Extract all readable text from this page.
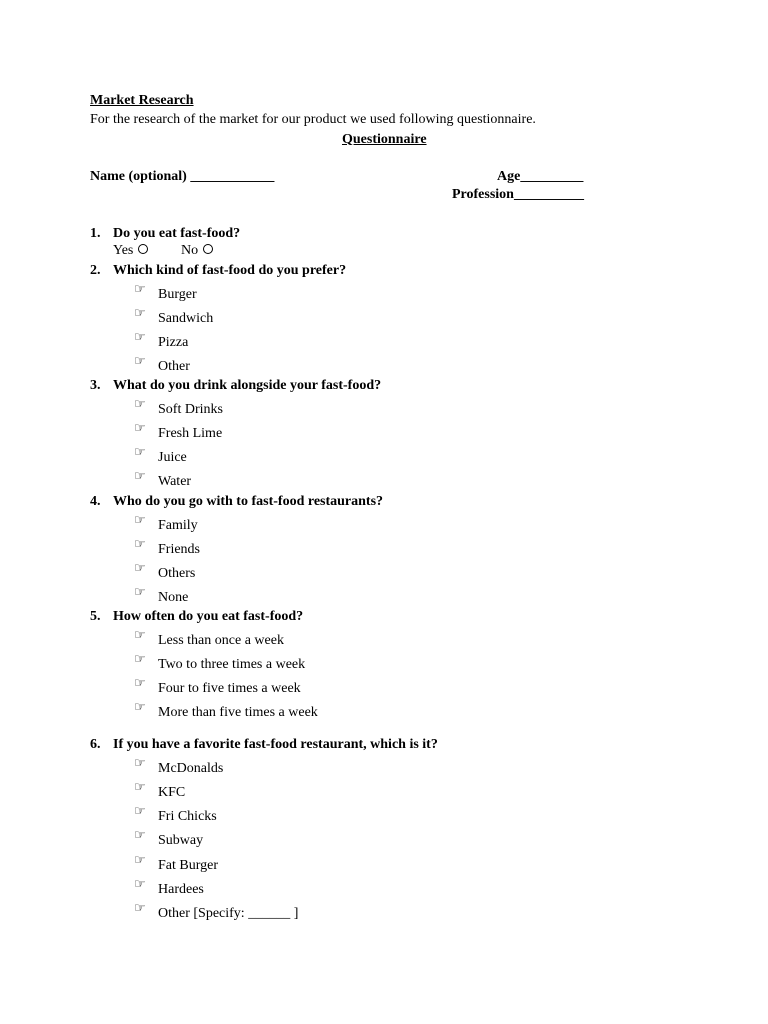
Market Research
For the research of the market for our product we used following questionnaire.
Questionnaire
Name (optional) ____________	Age_________
Profession__________
1. Do you eat fast-food?
Yes	No
2. Which kind of fast-food do you prefer?
☞ Burger
☞ Sandwich
☞ Pizza
☞ Other
3. What do you drink alongside your fast-food?
☞ Soft Drinks
☞ Fresh Lime
☞ Juice
☞ Water
4. Who do you go with to fast-food restaurants?
☞ Family
☞ Friends
☞ Others
☞ None
5. How often do you eat fast-food?
☞ Less than once a week
☞ Two to three times a week
☞ Four to five times a week
☞ More than five times a week
6. If you have a favorite fast-food restaurant, which is it?
☞ McDonalds
☞ KFC
☞ Fri Chicks
☞ Subway
☞ Fat Burger
☞ Hardees
☞ Other [Specify: ______ ]
